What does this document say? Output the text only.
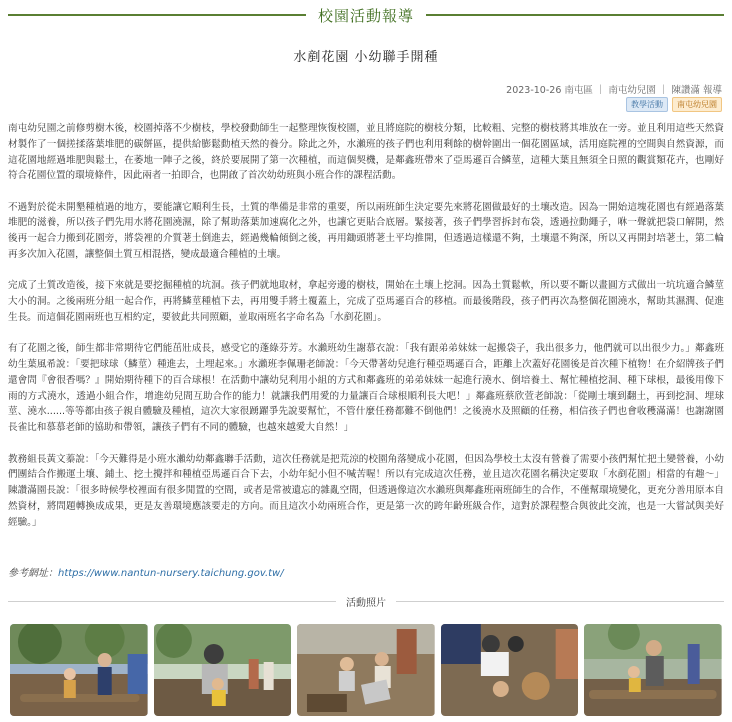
校園活動報導
水剷花園 小幼聯手開種
2023-10-26 南屯區 ｜ 南屯幼兒園 ｜ 陳讚滿 報導
教學活動	南屯幼兒園

南屯幼兒園之前修剪樹木後，校園掉落不少樹枝，學校發動師生一起整理恢復校園，並且將庭院的樹枝分類，比較粗、完整的樹枝將其堆放在一旁。並且利用這些天然資材製作了一個搓揉落葉堆肥的碳餅區，提供給膨鬆動植天然的養分。除此之外，水瀨班的孩子們也利用剩餘的樹幹圍出一個花園區域，活用庭院裡的空間與自然資源，而這花園地經過堆肥與鬆土，在萎地一陣子之後，終於要展開了第一次種植，而這個契機，是鄰鑫班帶來了亞馬遜百合鱗莖，這種大葉且無須全日照的觀賞類花卉，也剛好符合花園位置的環境條件，因此兩者一拍即合，也開啟了首次幼幼班與小班合作的課程活動。

不過對於從未開墾種植過的地方，要能讓它順利生長，土質的準備是非常的重要，所以兩班師生決定要先來將花園做最好的土壤改造。因為一開始這塊花園也有經過落葉堆肥的滋養，所以孩子們先用水將花園澆濕，除了幫助落葉加速腐化之外，也讓它更貼合底層。緊接著，孩子們學習拆封布袋，透過拉動繩子，咻一聲就把袋口解開，然後再一起合力搬到花園旁，將袋裡的介質荖土倒進去，經過幾輪傾倒之後，再用鋤頭將荖土平均推開，但透過這樣還不夠，土壤還不夠深，所以又再開封培荖土，第二輪再多次加入花園，讓整個土質互相混搭，變成最適合種植的土壤。

完成了土質改造後，接下來就是要挖掘種植的坑洞。孩子們就地取材，拿起旁邊的樹枝，開始在土壤上挖洞。因為土質鬆軟，所以要不斷以畫圓方式做出一坑坑適合鱗莖大小的洞。之後兩班分組一起合作，再將鱗莖種植下去，再用雙手將土覆蓋上，完成了亞馬遜百合的移植。而最後階段，孩子們再次為整個花園澆水，幫助其濕潤、促進生長。而這個花園兩班也互相約定，要彼此共同照顧，並取兩班名字命名為「水剷花園」。

有了花園之後，師生都非常期待它們能茁壯成長，感受它的蓬綠芬芳。水瀨班幼生謝慕衣說：「我有跟弟弟妹妹一起搬袋子，我出很多力，他們就可以出很少力。」鄰鑫班幼生葉風希說：「要把球球（鱗莖）種進去，土埋起來。」水瀨班李佩珊老師說：「今天帶著幼兒進行種亞瑪遜百合，距離上次蓋好花園後是首次種下植物！在介紹牌孩子們還會問『會很香嗎？』開始期待種下的百合球根！在活動中讓幼兒利用小組的方式和鄰鑫班的弟弟妹妹一起進行澆水、倒培養土、幫忙種植挖洞、種下球根，最後用像下雨的方式澆水，透過小組合作，增進幼兒間互助合作的能力！就讓我們用愛的力量讓百合球根順利長大吧！」鄰鑫班蔡欣萱老師說：「從剛士壤到翻土，再到挖洞、埋球莖、澆水......等等都由孩子親自體驗及種植，這次大家很踴躍爭先說要幫忙，不管什麼任務都難不倒他們！之後澆水及照顧的任務，相信孩子們也會收穫滿滿！也謝謝園長雀比和慕慕老師的協助和帶領，讓孩子們有不同的體驗，也越來越愛大自然！」

教務組長黃文蓁說：「今天難得是小班水瀨幼幼鄰鑫聯手活動，這次任務就是把荒涼的校園角落變成小花園，但因為學校土太沒有營養了需要小孩們幫忙把土變營養，小幼們團結合作搬運土壤、鋪土、挖土攪拌和種植亞馬遜百合下去，小幼年紀小但不喊苦喔！所以有完成這次任務，並且這次花園名稱決定要取「水剷花園」相當的有趣～」陳讚滿園長說：「很多時候學校裡面有很多閒置的空間，或者是常被遺忘的雜亂空間，但透過像這次水瀨班與鄰鑫班兩班師生的合作，不僅幫環境變化，更充分善用原本自然資材，將問題轉換成成果，更是友善環境應該要走的方向。而且這次小幼兩班合作，更是第一次的跨年齡班級合作，這對於課程整合與彼此交流，也是一大嘗試與美好經驗。」

參考網址：https://www.nantun-nursery.taichung.gov.tw/
活動照片
